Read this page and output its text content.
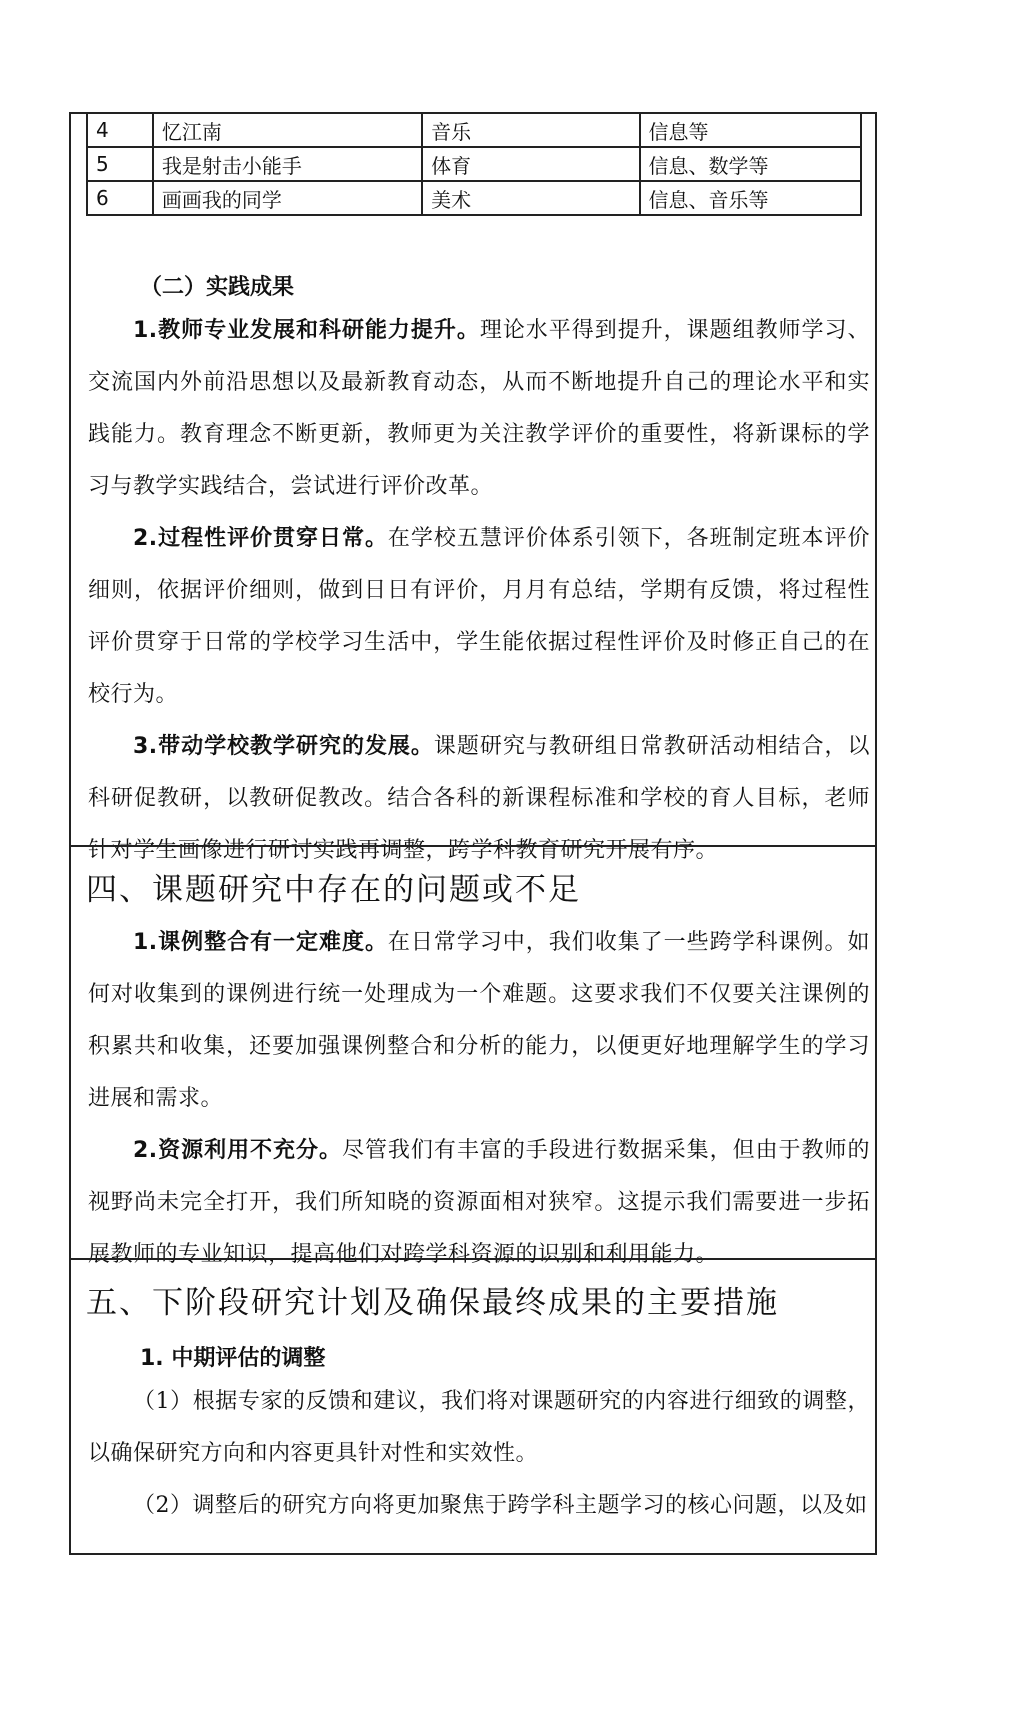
4	忆江南	音乐	信息等
5	我是射击小能手	体育	信息、数学等
6	画画我的同学	美术	信息、音乐等
（二）实践成果

1.教师专业发展和科研能力提升。理论水平得到提升，课题组教师学习、交流国内外前沿思想以及最新教育动态，从而不断地提升自己的理论水平和实践能力。教育理念不断更新，教师更为关注教学评价的重要性，将新课标的学习与教学实践结合，尝试进行评价改革。

2.过程性评价贯穿日常。在学校五慧评价体系引领下，各班制定班本评价细则，依据评价细则，做到日日有评价，月月有总结，学期有反馈，将过程性评价贯穿于日常的学校学习生活中，学生能依据过程性评价及时修正自己的在校行为。

3.带动学校教学研究的发展。课题研究与教研组日常教研活动相结合，以科研促教研，以教研促教改。结合各科的新课程标准和学校的育人目标，老师针对学生画像进行研讨实践再调整，跨学科教育研究开展有序。

四、课题研究中存在的问题或不足

1.课例整合有一定难度。在日常学习中，我们收集了一些跨学科课例。如何对收集到的课例进行统一处理成为一个难题。这要求我们不仅要关注课例的积累共和收集，还要加强课例整合和分析的能力，以便更好地理解学生的学习进展和需求。

2.资源利用不充分。尽管我们有丰富的手段进行数据采集，但由于教师的视野尚未完全打开，我们所知晓的资源面相对狭窄。这提示我们需要进一步拓展教师的专业知识，提高他们对跨学科资源的识别和利用能力。

五、下阶段研究计划及确保最终成果的主要措施
1. 中期评估的调整

（1）根据专家的反馈和建议，我们将对课题研究的内容进行细致的调整，以确保研究方向和内容更具针对性和实效性。

（2）调整后的研究方向将更加聚焦于跨学科主题学习的核心问题，以及如
